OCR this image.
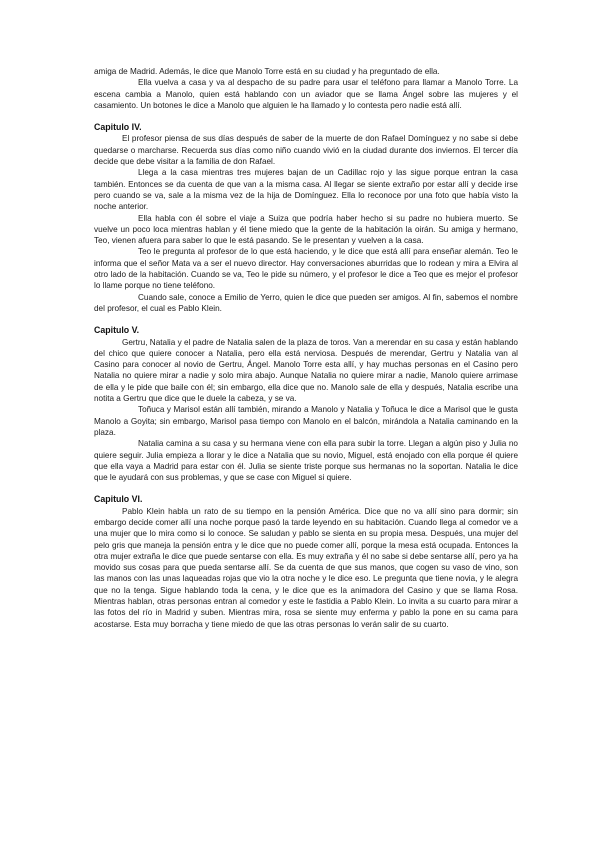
amiga de Madrid. Además, le dice que Manolo Torre está en su ciudad y ha preguntado de ella.

Ella vuelva a casa y va al despacho de su padre para usar el teléfono para llamar a Manolo Torre. La escena cambia a Manolo, quien está hablando con un aviador que se llama Ángel sobre las mujeres y el casamiento. Un botones le dice a Manolo que alguien le ha llamado y lo contesta pero nadie está allí.

Capitulo IV.

El profesor piensa de sus días después de saber de la muerte de don Rafael Domínguez y no sabe si debe quedarse o marcharse. Recuerda sus días como niño cuando vivió en la ciudad durante dos inviernos. El tercer día decide que debe visitar a la familia de don Rafael.

Llega a la casa mientras tres mujeres bajan de un Cadillac rojo y las sigue porque entran la casa también. Entonces se da cuenta de que van a la misma casa. Al llegar se siente extraño por estar allí y decide irse pero cuando se va, sale a la misma vez de la hija de Domínguez. Ella lo reconoce por una foto que había visto la noche anterior.

Ella habla con él sobre el viaje a Suiza que podría haber hecho si su padre no hubiera muerto. Se vuelve un poco loca mientras hablan y él tiene miedo que la gente de la habitación la oirán. Su amiga y hermano, Teo, vienen afuera para saber lo que le está pasando. Se le presentan y vuelven a la casa.

Teo le pregunta al profesor de lo que está haciendo, y le dice que está allí para enseñar alemán. Teo le informa que el señor Mata va a ser el nuevo director. Hay conversaciones aburridas que lo rodean y mira a Elvira al otro lado de la habitación. Cuando se va, Teo le pide su número, y el profesor le dice a Teo que es mejor el profesor lo llame porque no tiene teléfono.

Cuando sale, conoce a Emilio de Yerro, quien le dice que pueden ser amigos. Al fin, sabemos el nombre del profesor, el cual es Pablo Klein.

Capitulo V.

Gertru, Natalia y el padre de Natalia salen de la plaza de toros. Van a merendar en su casa y están hablando del chico que quiere conocer a Natalia, pero ella está nerviosa. Después de merendar, Gertru y Natalia van al Casino para conocer al novio de Gertru, Ángel. Manolo Torre esta allí, y hay muchas personas en el Casino pero Natalia no quiere mirar a nadie y solo mira abajo. Aunque Natalia no quiere mirar a nadie, Manolo quiere arrimase de ella y le pide que baile con él; sin embargo, ella dice que no. Manolo sale de ella y después, Natalia escribe una notita a Gertru que dice que le duele la cabeza, y se va.

Toñuca y Marisol están allí también, mirando a Manolo y Natalia y Toñuca le dice a Marisol que le gusta Manolo a Goyita; sin embargo, Marisol pasa tiempo con Manolo en el balcón, mirándola a Natalia caminando en la plaza.

Natalia camina a su casa y su hermana viene con ella para subir la torre. Llegan a algún piso y Julia no quiere seguir. Julia empieza a llorar y le dice a Natalia que su novio, Miguel, está enojado con ella porque él quiere que ella vaya a Madrid para estar con él. Julia se siente triste porque sus hermanas no la soportan. Natalia le dice que le ayudará con sus problemas, y que se case con Miguel si quiere.

Capitulo VI.

Pablo Klein habla un rato de su tiempo en la pensión América. Dice que no va allí sino para dormir; sin embargo decide comer allí una noche porque pasó la tarde leyendo en su habitación. Cuando llega al comedor ve a una mujer que lo mira como si lo conoce. Se saludan y pablo se sienta en su propia mesa. Después, una mujer del pelo gris que maneja la pensión entra y le dice que no puede comer allí, porque la mesa está ocupada. Entonces la otra mujer extraña le dice que puede sentarse con ella. Es muy extraña y él no sabe si debe sentarse allí, pero ya ha movido sus cosas para que pueda sentarse allí. Se da cuenta de que sus manos, que cogen su vaso de vino, son las manos con las unas laqueadas rojas que vio la otra noche y le dice eso. Le pregunta que tiene novia, y le alegra que no la tenga. Sigue hablando toda la cena, y le dice que es la animadora del Casino y que se llama Rosa. Mientras hablan, otras personas entran al comedor y este le fastidia a Pablo Klein. Lo invita a su cuarto para mirar a las fotos del río in Madrid y suben. Mientras mira, rosa se siente muy enferma y pablo la pone en su cama para acostarse. Esta muy borracha y tiene miedo de que las otras personas lo verán salir de su cuarto.
